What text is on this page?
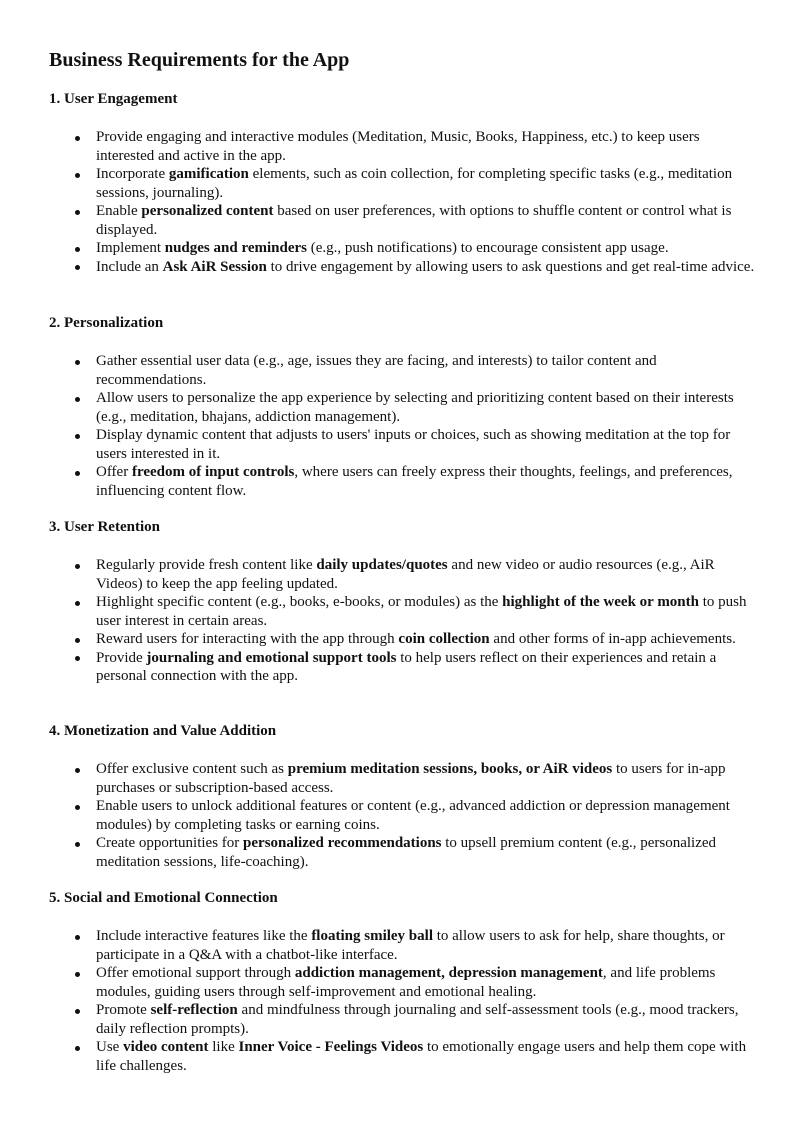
Business Requirements for the App
1. User Engagement
Provide engaging and interactive modules (Meditation, Music, Books, Happiness, etc.) to keep users interested and active in the app.
Incorporate gamification elements, such as coin collection, for completing specific tasks (e.g., meditation sessions, journaling).
Enable personalized content based on user preferences, with options to shuffle content or control what is displayed.
Implement nudges and reminders (e.g., push notifications) to encourage consistent app usage.
Include an Ask AiR Session to drive engagement by allowing users to ask questions and get real-time advice.
2. Personalization
Gather essential user data (e.g., age, issues they are facing, and interests) to tailor content and recommendations.
Allow users to personalize the app experience by selecting and prioritizing content based on their interests (e.g., meditation, bhajans, addiction management).
Display dynamic content that adjusts to users' inputs or choices, such as showing meditation at the top for users interested in it.
Offer freedom of input controls, where users can freely express their thoughts, feelings, and preferences, influencing content flow.
3. User Retention
Regularly provide fresh content like daily updates/quotes and new video or audio resources (e.g., AiR Videos) to keep the app feeling updated.
Highlight specific content (e.g., books, e-books, or modules) as the highlight of the week or month to push user interest in certain areas.
Reward users for interacting with the app through coin collection and other forms of in-app achievements.
Provide journaling and emotional support tools to help users reflect on their experiences and retain a personal connection with the app.
4. Monetization and Value Addition
Offer exclusive content such as premium meditation sessions, books, or AiR videos to users for in-app purchases or subscription-based access.
Enable users to unlock additional features or content (e.g., advanced addiction or depression management modules) by completing tasks or earning coins.
Create opportunities for personalized recommendations to upsell premium content (e.g., personalized meditation sessions, life-coaching).
5. Social and Emotional Connection
Include interactive features like the floating smiley ball to allow users to ask for help, share thoughts, or participate in a Q&A with a chatbot-like interface.
Offer emotional support through addiction management, depression management, and life problems modules, guiding users through self-improvement and emotional healing.
Promote self-reflection and mindfulness through journaling and self-assessment tools (e.g., mood trackers, daily reflection prompts).
Use video content like Inner Voice - Feelings Videos to emotionally engage users and help them cope with life challenges.
